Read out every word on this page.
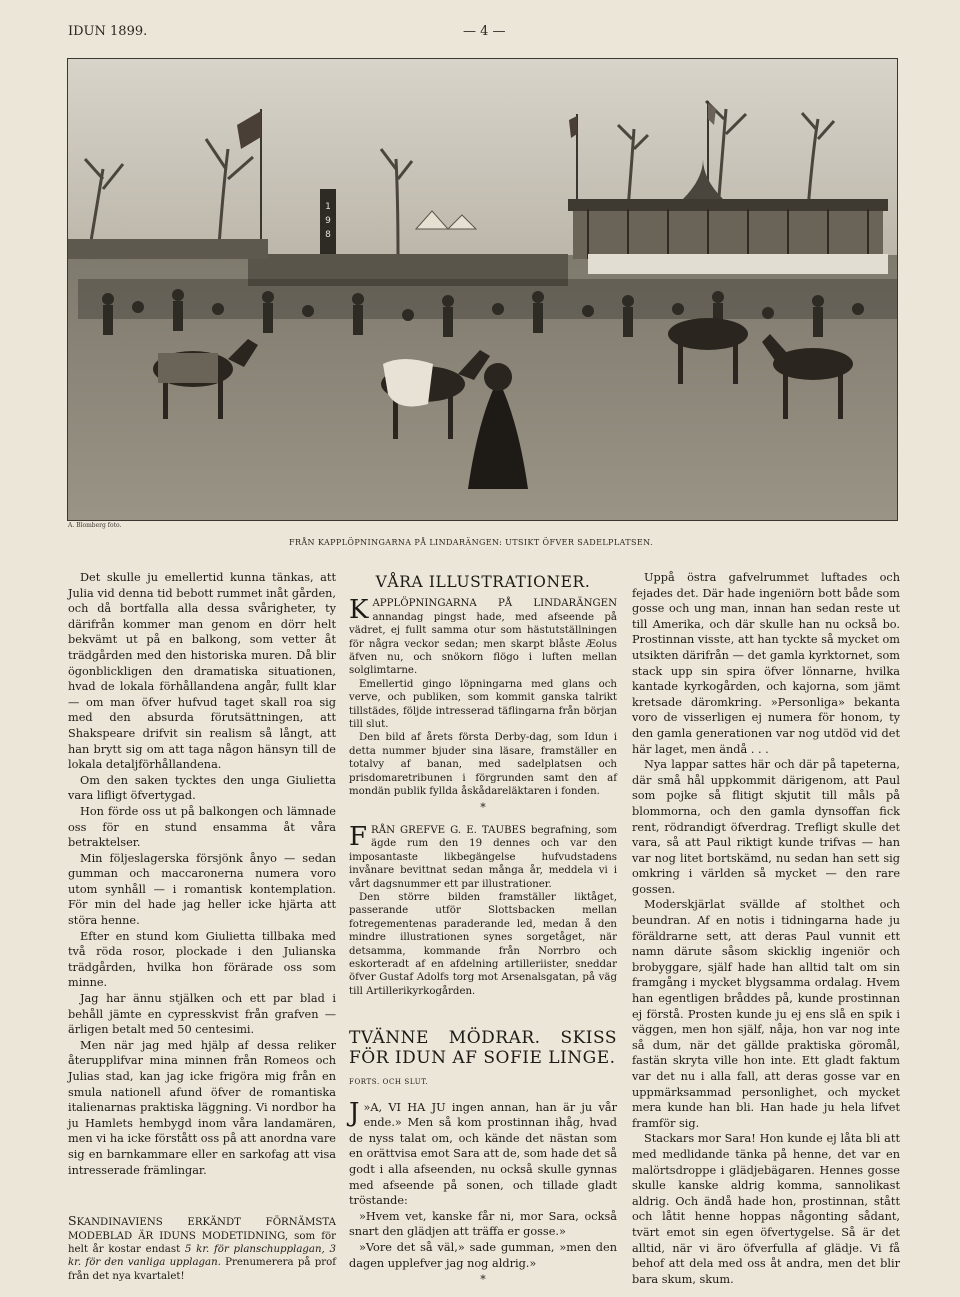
IDUN 1899.	— 4 —
1
9
8
A. Blomberg foto.
FRÅN KAPPLÖPNINGARNA PÅ LINDARÄNGEN: UTSIKT ÖFVER SADELPLATSEN.

Det skulle ju emellertid kunna tänkas, att Julia vid denna tid bebott rummet inåt gården, och då bortfalla alla dessa svårigheter, ty därifrån kommer man genom en dörr helt bekvämt ut på en balkong, som vetter åt trädgården med den historiska muren. Då blir ögonblickligen den dramatiska situationen, hvad de lokala förhållandena angår, fullt klar — om man öfver hufvud taget skall roa sig med den absurda förutsättningen, att Shakspeare drifvit sin realism så långt, att han brytt sig om att taga någon hänsyn till de lokala detaljförhållandena.

Om den saken tycktes den unga Giulietta vara lifligt öfvertygad.

Hon förde oss ut på balkongen och lämnade oss för en stund ensamma åt våra betraktelser.

Min följeslagerska försjönk ånyo — sedan gumman och maccaronerna numera voro utom synhåll — i romantisk kontemplation. För min del hade jag heller icke hjärta att störa henne.

Efter en stund kom Giulietta tillbaka med två röda rosor, plockade i den Julianska trädgården, hvilka hon förärade oss som minne.

Jag har ännu stjälken och ett par blad i behåll jämte en cypresskvist från grafven — ärligen betalt med 50 centesimi.

Men när jag med hjälp af dessa reliker återupplifvar mina minnen från Romeos och Julias stad, kan jag icke frigöra mig från en smula nationell afund öfver de romantiska italienarnas praktiska läggning. Vi nordbor ha ju Hamlets hembygd inom våra landamären, men vi ha icke förstått oss på att anordna vare sig en barnkammare eller en sarkofag att visa intresserade främlingar.

SKANDINAVIENS ERKÄNDT FÖRNÄMSTA MODEBLAD ÄR IDUNS MODETIDNING, som för helt år kostar endast 5 kr. för planschupplagan, 3 kr. för den vanliga upplagan. Prenumerera på prof från det nya kvartalet!
VÅRA ILLUSTRATIONER.

KAPPLÖPNINGARNA PÅ LINDARÄNGEN annandag pingst hade, med afseende på vädret, ej fullt samma otur som hästutställningen för några veckor sedan; men skarpt blåste Æolus äfven nu, och snökorn flögo i luften mellan solglimtarne.

Emellertid gingo löpningarna med glans och verve, och publiken, som kommit ganska talrikt tillstädes, följde intresserad täflingarna från början till slut.

Den bild af årets första Derby-dag, som Idun i detta nummer bjuder sina läsare, framställer en totalvy af banan, med sadelplatsen och prisdomaretribunen i förgrunden samt den af mondän publik fyllda åskådareläktaren i fonden.

*

FRÅN GREFVE G. E. TAUBES begrafning, som ägde rum den 19 dennes och var den imposantaste likbegängelse hufvudstadens invånare bevittnat sedan många år, meddela vi i vårt dagsnummer ett par illustrationer.

Den större bilden framställer liktåget, passerande utför Slottsbacken mellan fotregementenas paraderande led, medan å den mindre illustrationen synes sorgetåget, när detsamma, kommande från Norrbro och eskorteradt af en afdelning artilleriister, sneddar öfver Gustaf Adolfs torg mot Arsenalsgatan, på väg till Artillerikyrkogården.

TVÄNNE MÖDRAR. SKISS FÖR IDUN AF SOFIE LINGE.
FORTS. OCH SLUT.

»
J A, VI HA JU ingen annan, han är ju vår ende.» Men så kom prostinnan ihåg, hvad de nyss talat om, och kände det nästan som en orättvisa emot Sara att de, som hade det så godt i alla afseenden, nu också skulle gynnas med afseende på sonen, och tillade gladt tröstande:

»Hvem vet, kanske får ni, mor Sara, också snart den glädjen att träffa er gosse.»

»Vore det så väl,» sade gumman, »men den dagen upplefver jag nog aldrig.»

*

Uppå östra gafvelrummet luftades och fejades det. Där hade ingeniörn bott både som gosse och ung man, innan han sedan reste ut till Amerika, och där skulle han nu också bo. Prostinnan visste, att han tyckte så mycket om utsikten därifrån — det gamla kyrktornet, som stack upp sin spira öfver lönnarne, hvilka kantade kyrkogården, och kajorna, som jämt kretsade däromkring. »Personliga» bekanta voro de visserligen ej numera för honom, ty den gamla generationen var nog utdöd vid det här laget, men ändå . . .

Nya lappar sattes här och där på tapeterna, där små hål uppkommit därigenom, att Paul som pojke så flitigt skjutit till måls på blommorna, och den gamla dynsoffan fick rent, rödrandigt öfverdrag. Trefligt skulle det vara, så att Paul riktigt kunde trifvas — han var nog litet bortskämd, nu sedan han sett sig omkring i världen så mycket — den rare gossen.

Moderskjärlat svällde af stolthet och beundran. Af en notis i tidningarna hade ju föräldrarne sett, att deras Paul vunnit ett namn därute såsom skicklig ingeniör och brobyggare, själf hade han alltid talt om sin framgång i mycket blygsamma ordalag. Hvem han egentligen bråddes på, kunde prostinnan ej förstå. Prosten kunde ju ej ens slå en spik i väggen, men hon själf, nåja, hon var nog inte så dum, när det gällde praktiska göromål, fastän skryta ville hon inte. Ett gladt faktum var det nu i alla fall, att deras gosse var en uppmärksammad personlighet, och mycket mera kunde han bli. Han hade ju hela lifvet framför sig.

Stackars mor Sara! Hon kunde ej låta bli att med medlidande tänka på henne, det var en malörtsdroppe i glädjebägaren. Hennes gosse skulle kanske aldrig komma, sannolikast aldrig. Och ändå hade hon, prostinnan, stått och låtit henne hoppas någonting sådant, tvärt emot sin egen öfvertygelse. Så är det alltid, när vi äro öfverfulla af glädje. Vi få behof att dela med oss åt andra, men det blir bara skum, skum.
